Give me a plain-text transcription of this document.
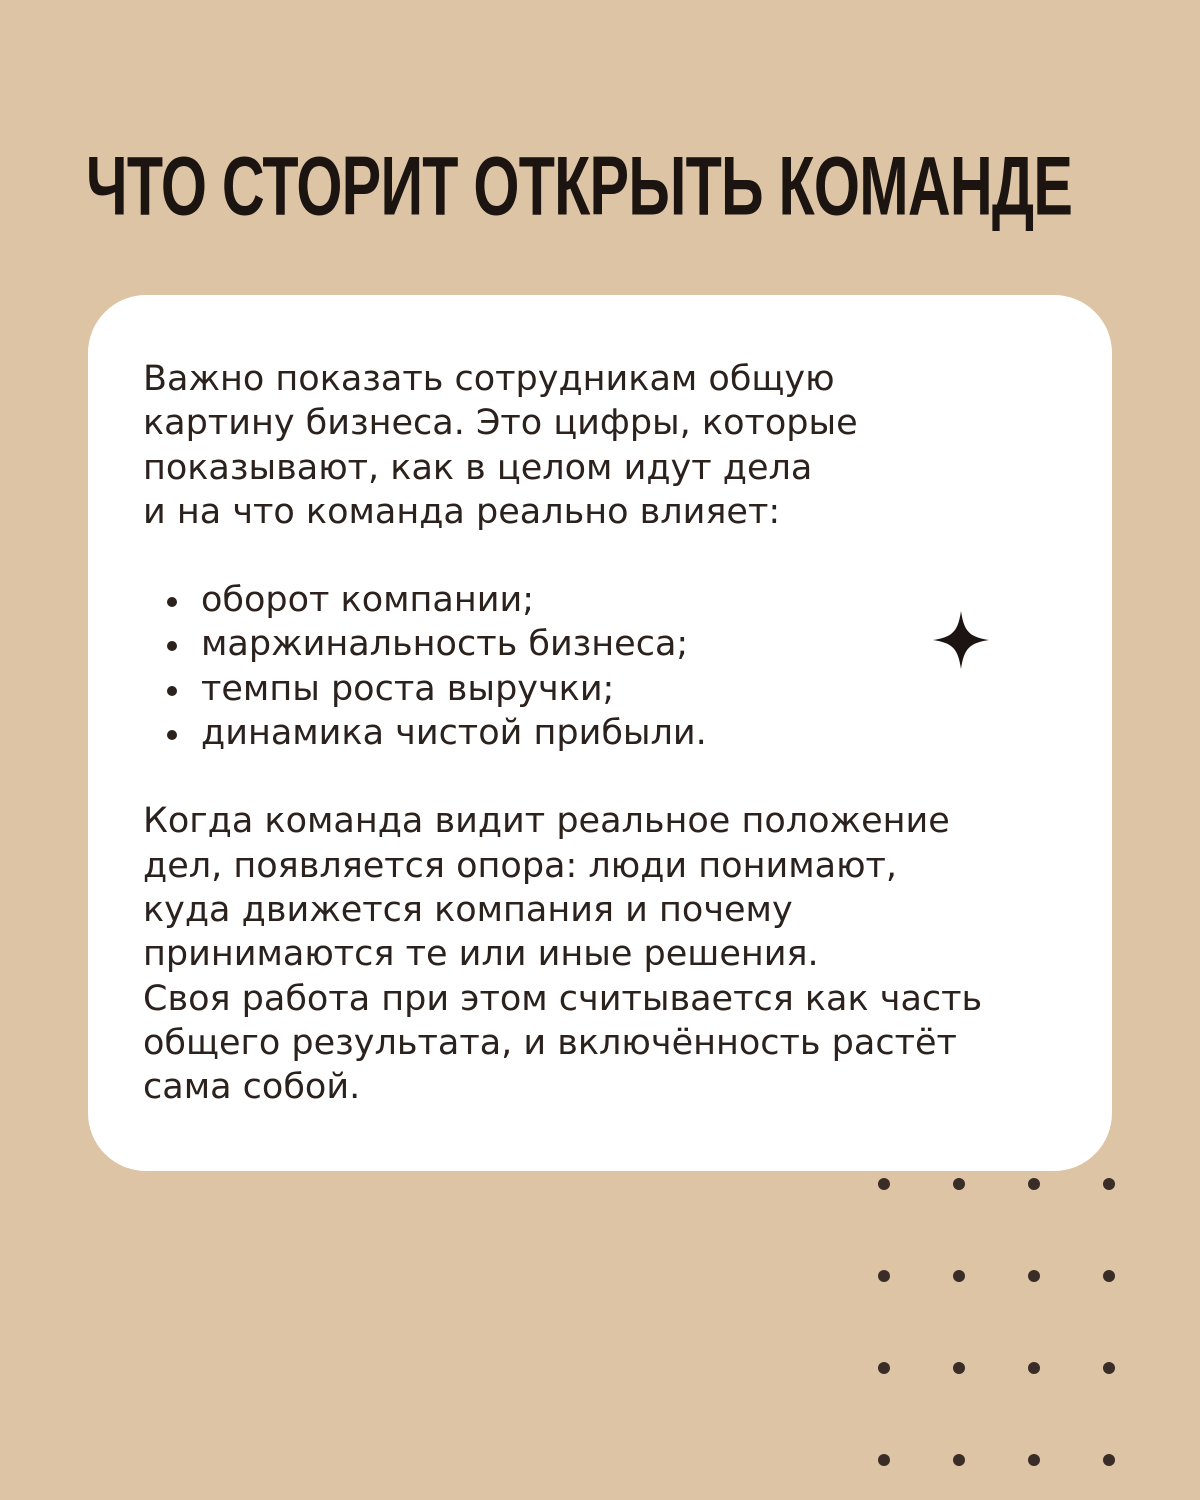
ЧТО СТОРИТ ОТКРЫТЬ КОМАНДЕ

Важно показать сотрудникам общую

картину бизнеса. Это цифры, которые

показывают, как в целом идут дела

и на что команда реально влияет:

оборот компании;
маржинальность бизнеса;
темпы роста выручки;
динамика чистой прибыли.

Когда команда видит реальное положение

дел, появляется опора: люди понимают,

куда движется компания и почему

принимаются те или иные решения.

Своя работа при этом считывается как часть

общего результата, и включённость растёт

сама собой.
